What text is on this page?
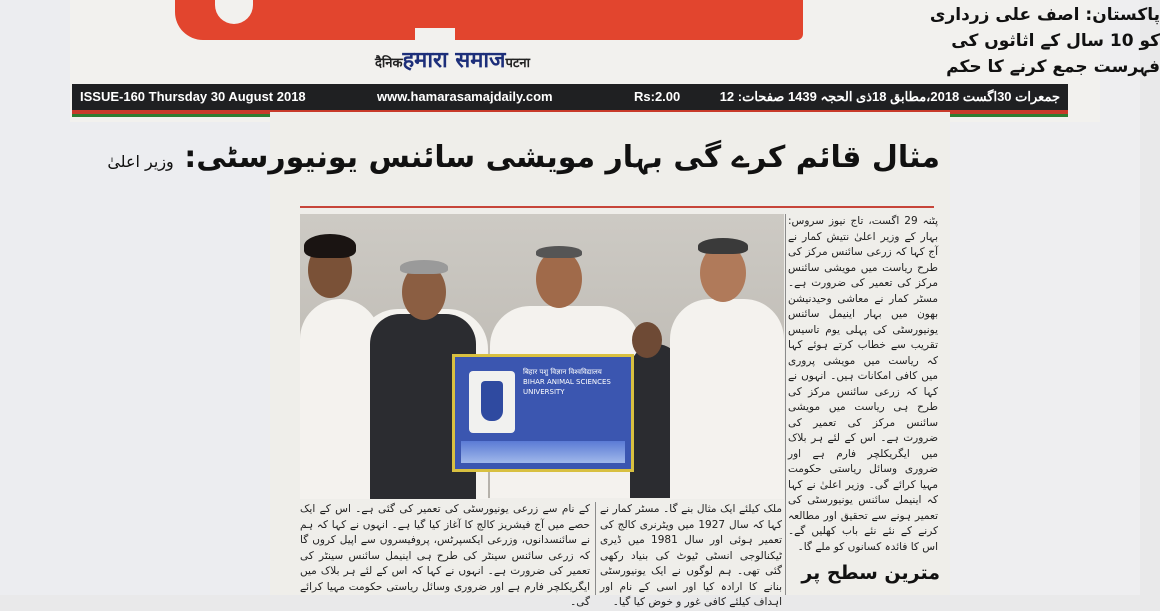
दैनिकहमारा समाजपटना
پاکستان: اصف علی زرداری کو 10 سال کے اثاثوں کی فہرست جمع کرنے کا حکم
ISSUE-160 Thursday 30 August 2018	www.hamarasamajdaily.com	Rs:2.00	جمعرات 30اگست 2018،مطابق 18ذی الحجہ 1439 صفحات: 12
مثال قائم کرے گی بہار مویشی سائنس یونیورسٹی: وزیر اعلیٰ
बिहार पशु विज्ञान विश्वविद्यालय BIHAR ANIMAL SCIENCES UNIVERSITY
پٹنہ 29 اگست، تاج نیوز سروس: بہار کے وزیر اعلیٰ نتیش کمار نے آج کہا کہ زرعی سائنس مرکز کی طرح ریاست میں مویشی سائنس مرکز کی تعمیر کی ضرورت ہے۔ مسٹر کمار نے معاشی وحیدنیشن بھون میں بہار اینیمل سائنس یونیورسٹی کی پہلی یوم تاسیس تقریب سے خطاب کرتے ہوئے کہا کہ ریاست میں مویشی پروری میں کافی امکانات ہیں۔ انہوں نے کہا کہ زرعی سائنس مرکز کی طرح ہی ریاست میں مویشی سائنس مرکز کی تعمیر کی ضرورت ہے۔ اس کے لئے ہر بلاک میں ایگریکلچر فارم ہے اور ضروری وسائل ریاستی حکومت مہیا کرائے گی۔ وزیر اعلیٰ نے کہا کہ اینیمل سائنس یونیورسٹی کی تعمیر ہونے سے تحقیق اور مطالعہ کرنے کے نئے نئے باب کھلیں گے۔ اس کا فائدہ کسانوں کو ملے گا۔
مترین سطح پر
ملک کیلئے ایک مثال بنے گا۔ مسٹر کمار نے کہا کہ سال 1927 میں ویٹرنری کالج کی تعمیر ہوئی اور سال 1981 میں ڈیری ٹیکنالوجی انسٹی ٹیوٹ کی بنیاد رکھی گئی تھی۔ ہم لوگوں نے ایک یونیورسٹی بنانے کا ارادہ کیا اور اسی کے نام اور اہداف کیلئے کافی غور و خوض کیا گیا۔
کے نام سے زرعی یونیورسٹی کی تعمیر کی گئی ہے۔ اس کے ایک حصے میں آج فیشریز کالج کا آغاز کیا گیا ہے۔ انہوں نے کہا کہ ہم نے سائنسدانوں، وزرعی ایکسپرٹس، پروفیسروں سے اپیل کروں گا کہ زرعی سائنس سینٹر کی طرح ہی اینیمل سائنس سینٹر کی تعمیر کی ضرورت ہے۔ انہوں نے کہا کہ اس کے لئے ہر بلاک میں ایگریکلچر فارم ہے اور ضروری وسائل ریاستی حکومت مہیا کرائے گی۔
